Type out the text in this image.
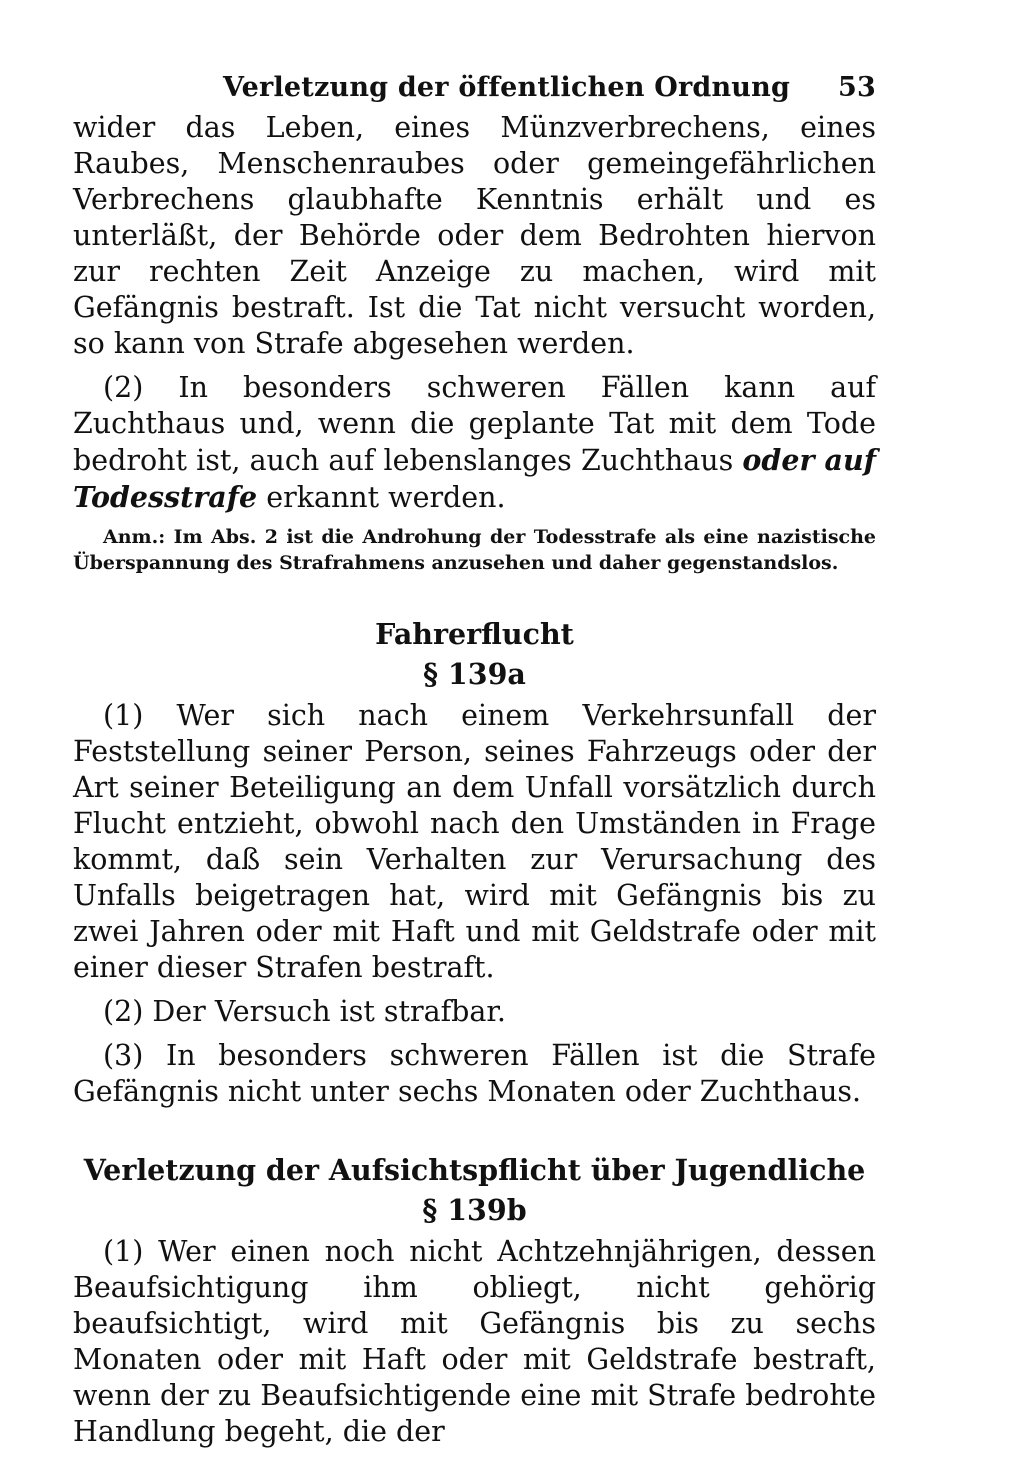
Verletzung der öffentlichen Ordnung 53

wider das Leben, eines Münzverbrechens, eines Raubes, Menschenraubes oder gemeingefährlichen Verbrechens glaubhafte Kenntnis erhält und es unterläßt, der Behörde oder dem Bedrohten hiervon zur rechten Zeit Anzeige zu machen, wird mit Gefängnis bestraft. Ist die Tat nicht versucht worden, so kann von Strafe abgesehen werden.

(2) In besonders schweren Fällen kann auf Zuchthaus und, wenn die geplante Tat mit dem Tode bedroht ist, auch auf lebenslanges Zuchthaus oder auf Todesstrafe erkannt werden.

Anm.: Im Abs. 2 ist die Androhung der Todesstrafe als eine nazistische Überspannung des Strafrahmens anzusehen und daher gegenstandslos.

Fahrerflucht
§ 139a

(1) Wer sich nach einem Verkehrsunfall der Feststellung seiner Person, seines Fahrzeugs oder der Art seiner Beteiligung an dem Unfall vorsätzlich durch Flucht entzieht, obwohl nach den Umständen in Frage kommt, daß sein Verhalten zur Verursachung des Unfalls beigetragen hat, wird mit Gefängnis bis zu zwei Jahren oder mit Haft und mit Geldstrafe oder mit einer dieser Strafen bestraft.

(2) Der Versuch ist strafbar.

(3) In besonders schweren Fällen ist die Strafe Gefängnis nicht unter sechs Monaten oder Zuchthaus.

Verletzung der Aufsichtspflicht über Jugendliche
§ 139b

(1) Wer einen noch nicht Achtzehnjährigen, dessen Beaufsichtigung ihm obliegt, nicht gehörig beaufsichtigt, wird mit Gefängnis bis zu sechs Monaten oder mit Haft oder mit Geldstrafe bestraft, wenn der zu Beaufsichtigende eine mit Strafe bedrohte Handlung begeht, die der
